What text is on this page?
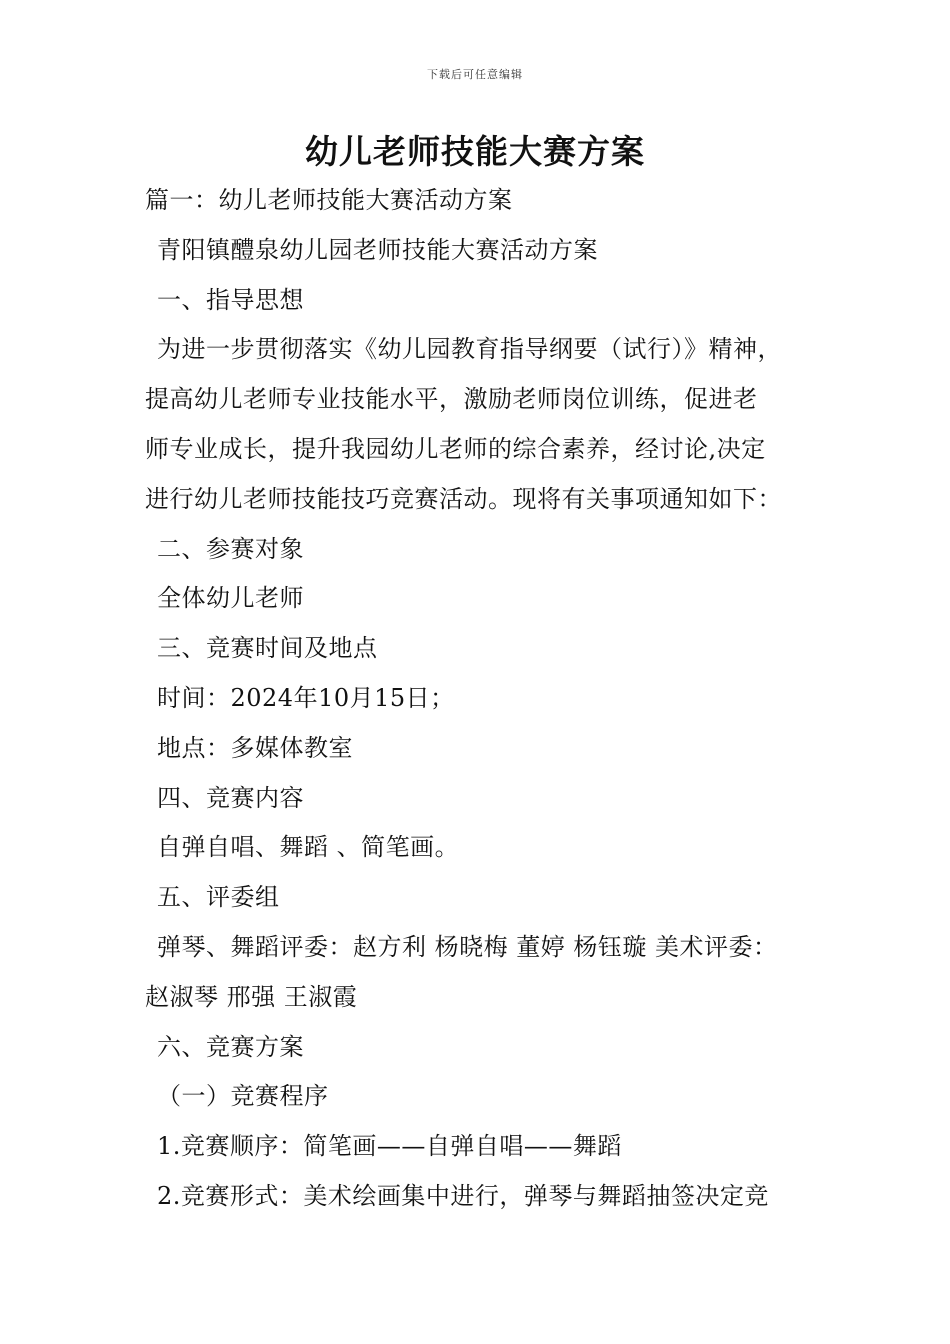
下载后可任意编辑
幼儿老师技能大赛方案
篇一：幼儿老师技能大赛活动方案
青阳镇醴泉幼儿园老师技能大赛活动方案
一、指导思想
为进一步贯彻落实《幼儿园教育指导纲要（试行）》精神，
提高幼儿老师专业技能水平，激励老师岗位训练，促进老
师专业成长，提升我园幼儿老师的综合素养，经讨论,决定
进行幼儿老师技能技巧竞赛活动。现将有关事项通知如下：
二、参赛对象
全体幼儿老师
三、竞赛时间及地点
时间：2024年10月15日；
地点：多媒体教室
四、竞赛内容
自弹自唱、舞蹈 、简笔画。
五、评委组
弹琴、舞蹈评委：赵方利 杨晓梅 董婷 杨钰璇 美术评委：
赵淑琴 邢强 王淑霞
六、竞赛方案
（一）竞赛程序
1.竞赛顺序：简笔画——自弹自唱——舞蹈
2.竞赛形式：美术绘画集中进行，弹琴与舞蹈抽签决定竞
